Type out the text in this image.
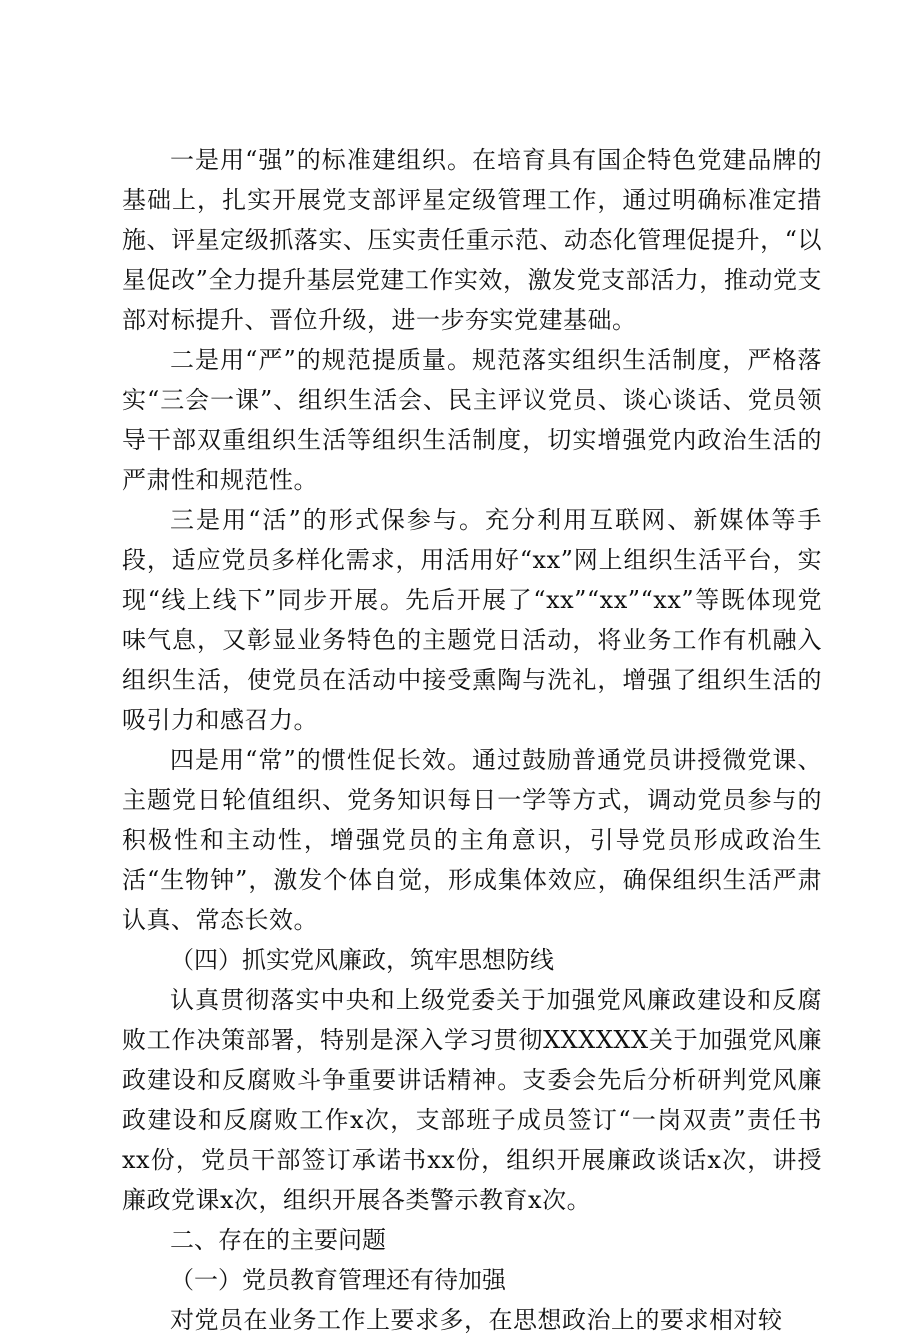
一是用“强”的标准建组织。在培育具有国企特色党建品牌的基础上，扎实开展党支部评星定级管理工作，通过明确标准定措施、评星定级抓落实、压实责任重示范、动态化管理促提升，“以星促改”全力提升基层党建工作实效，激发党支部活力，推动党支部对标提升、晋位升级，进一步夯实党建基础。

二是用“严”的规范提质量。规范落实组织生活制度，严格落实“三会一课”、组织生活会、民主评议党员、谈心谈话、党员领导干部双重组织生活等组织生活制度，切实增强党内政治生活的严肃性和规范性。

三是用“活”的形式保参与。充分利用互联网、新媒体等手段，适应党员多样化需求，用活用好“xx”网上组织生活平台，实现“线上线下”同步开展。先后开展了“xx”“xx”“xx”等既体现党味气息，又彰显业务特色的主题党日活动，将业务工作有机融入组织生活，使党员在活动中接受熏陶与洗礼，增强了组织生活的吸引力和感召力。

四是用“常”的惯性促长效。通过鼓励普通党员讲授微党课、主题党日轮值组织、党务知识每日一学等方式，调动党员参与的积极性和主动性，增强党员的主角意识，引导党员形成政治生活“生物钟”，激发个体自觉，形成集体效应，确保组织生活严肃认真、常态长效。

（四）抓实党风廉政，筑牢思想防线

认真贯彻落实中央和上级党委关于加强党风廉政建设和反腐败工作决策部署，特别是深入学习贯彻XXXXXX关于加强党风廉政建设和反腐败斗争重要讲话精神。支委会先后分析研判党风廉政建设和反腐败工作x次，支部班子成员签订“一岗双责”责任书xx份，党员干部签订承诺书xx份，组织开展廉政谈话x次，讲授廉政党课x次，组织开展各类警示教育x次。

二、存在的主要问题

（一）党员教育管理还有待加强

对党员在业务工作上要求多，在思想政治上的要求相对较
